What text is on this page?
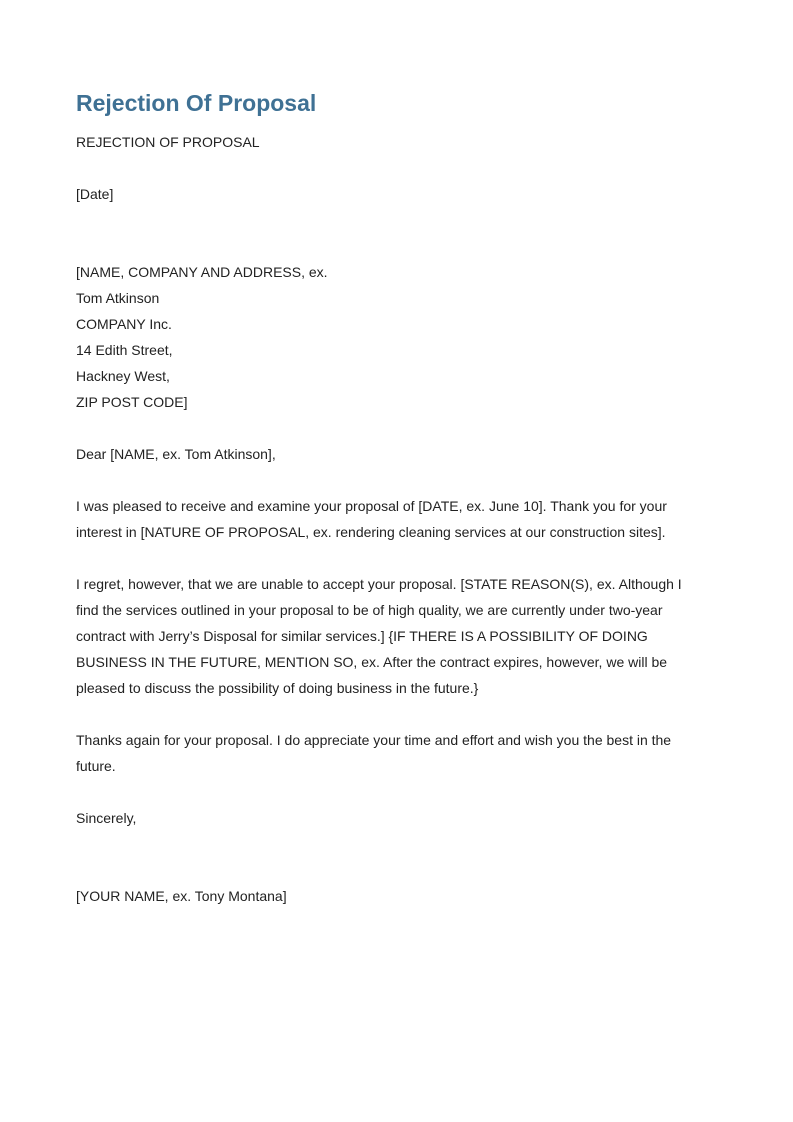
Rejection Of Proposal
REJECTION OF PROPOSAL
[Date]
[NAME, COMPANY AND ADDRESS, ex.
Tom Atkinson
COMPANY Inc.
14 Edith Street,
Hackney West,
ZIP POST CODE]
Dear [NAME, ex. Tom Atkinson],
I was pleased to receive and examine your proposal of [DATE, ex. June 10]. Thank you for your
interest in [NATURE OF PROPOSAL, ex. rendering cleaning services at our construction sites].
I regret, however, that we are unable to accept your proposal. [STATE REASON(S), ex. Although I
find the services outlined in your proposal to be of high quality, we are currently under two-year
contract with Jerry’s Disposal for similar services.] {IF THERE IS A POSSIBILITY OF DOING
BUSINESS IN THE FUTURE, MENTION SO, ex. After the contract expires, however, we will be
pleased to discuss the possibility of doing business in the future.}
Thanks again for your proposal. I do appreciate your time and effort and wish you the best in the
future.
Sincerely,
[YOUR NAME, ex. Tony Montana]
